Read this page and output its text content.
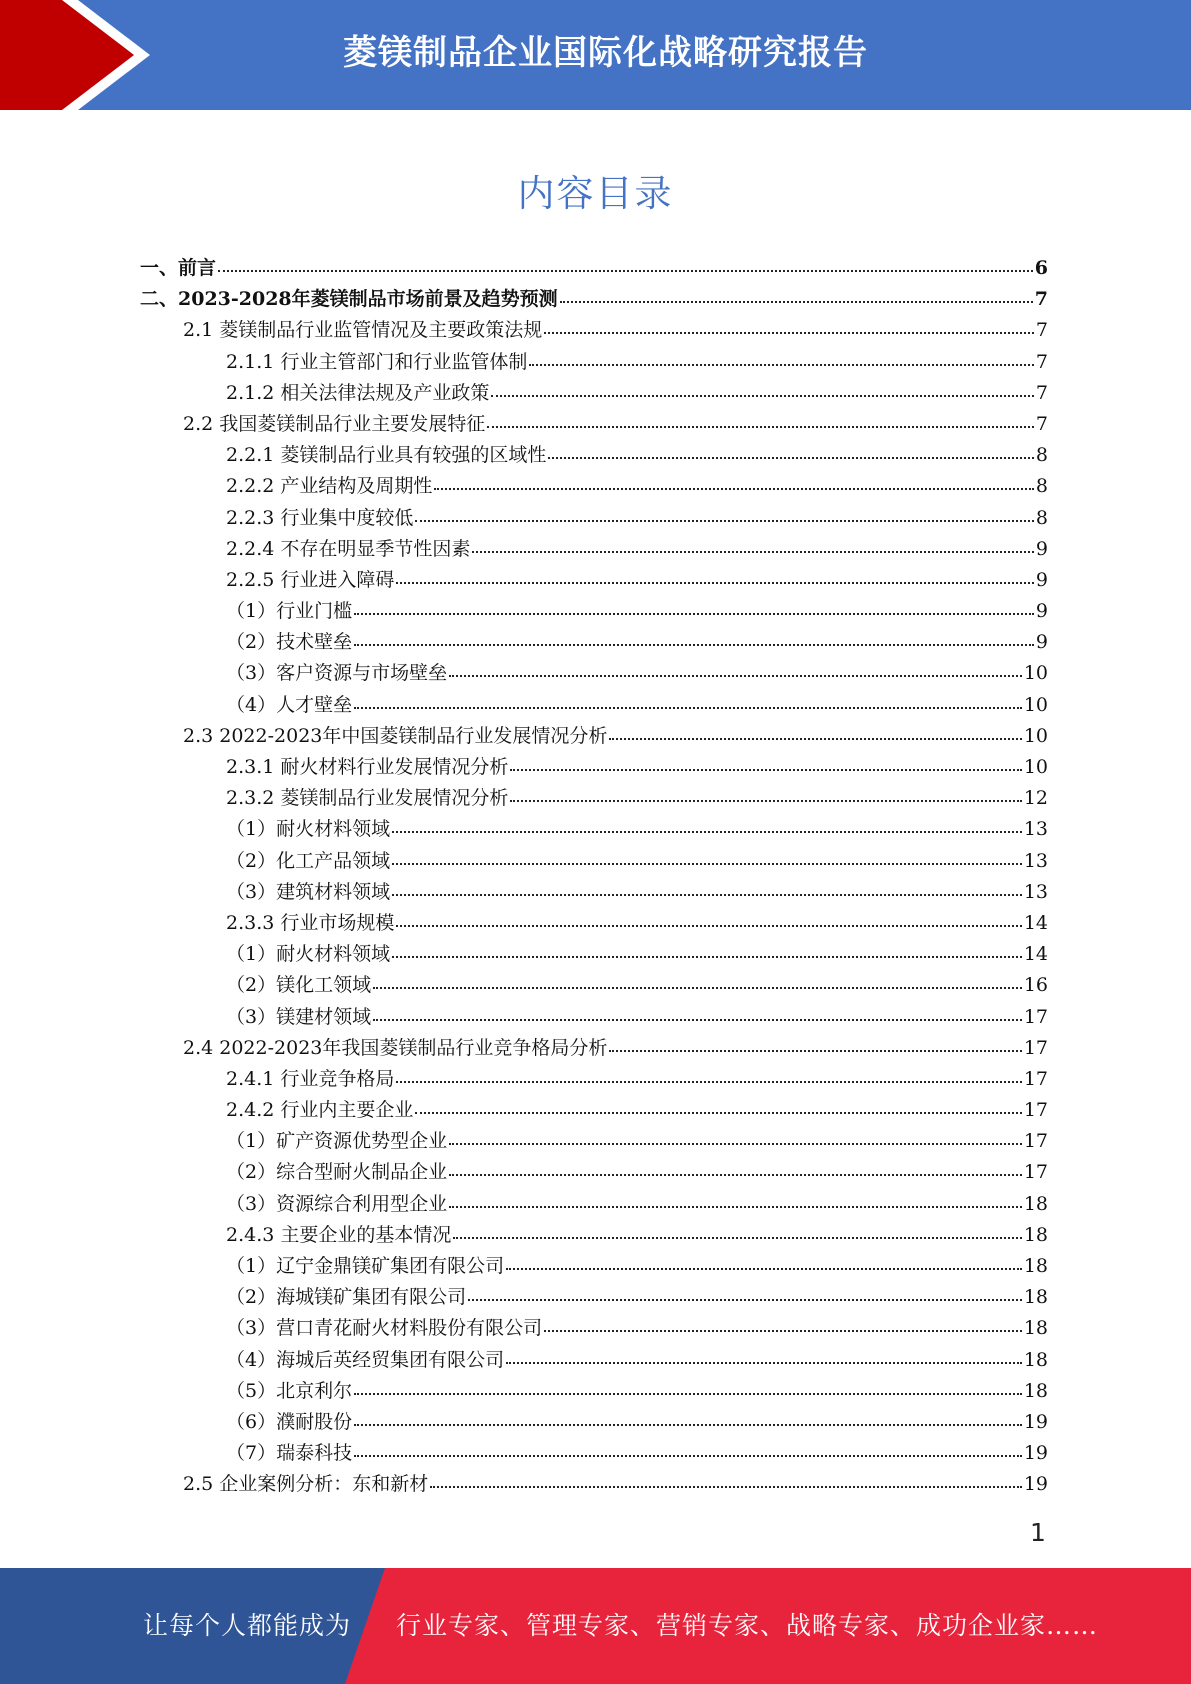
菱镁制品企业国际化战略研究报告
内容目录
一、前言	6
二、2023-2028年菱镁制品市场前景及趋势预测	7
2.1 菱镁制品行业监管情况及主要政策法规	7
2.1.1 行业主管部门和行业监管体制	7
2.1.2 相关法律法规及产业政策	7
2.2 我国菱镁制品行业主要发展特征	7
2.2.1 菱镁制品行业具有较强的区域性	8
2.2.2 产业结构及周期性	8
2.2.3 行业集中度较低	8
2.2.4 不存在明显季节性因素	9
2.2.5 行业进入障碍	9
（1）行业门槛	9
（2）技术壁垒	9
（3）客户资源与市场壁垒	10
（4）人才壁垒	10
2.3 2022-2023年中国菱镁制品行业发展情况分析	10
2.3.1 耐火材料行业发展情况分析	10
2.3.2 菱镁制品行业发展情况分析	12
（1）耐火材料领域	13
（2）化工产品领域	13
（3）建筑材料领域	13
2.3.3 行业市场规模	14
（1）耐火材料领域	14
（2）镁化工领域	16
（3）镁建材领域	17
2.4 2022-2023年我国菱镁制品行业竞争格局分析	17
2.4.1 行业竞争格局	17
2.4.2 行业内主要企业	17
（1）矿产资源优势型企业	17
（2）综合型耐火制品企业	17
（3）资源综合利用型企业	18
2.4.3 主要企业的基本情况	18
（1）辽宁金鼎镁矿集团有限公司	18
（2）海城镁矿集团有限公司	18
（3）营口青花耐火材料股份有限公司	18
（4）海城后英经贸集团有限公司	18
（5）北京利尔	18
（6）濮耐股份	19
（7）瑞泰科技	19
2.5 企业案例分析：东和新材	19
1
让每个人都能成为 行业专家、管理专家、营销专家、战略专家、成功企业家……
